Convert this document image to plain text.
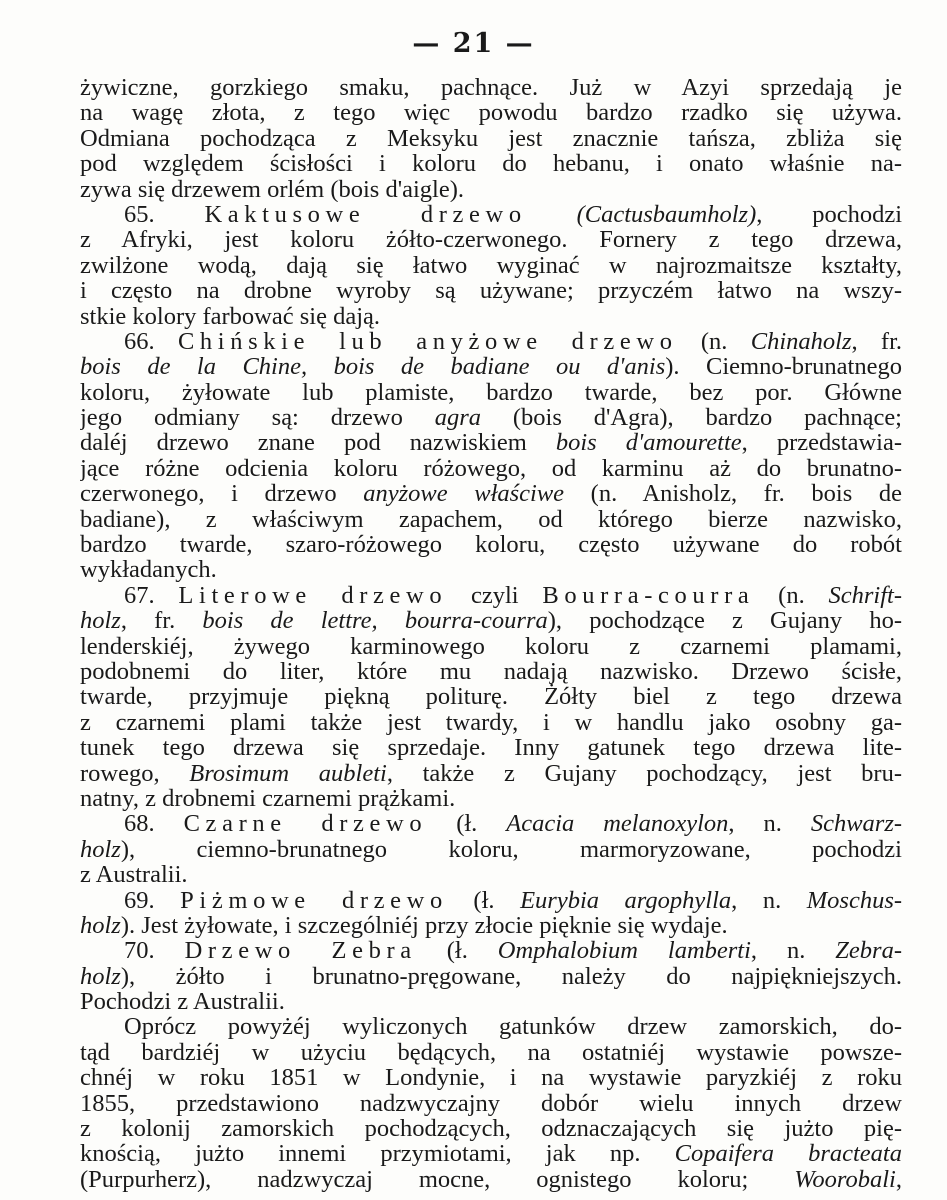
— 21 —
żywiczne, gorzkiego smaku, pachnące. Już w Azyi sprzedają je
na wagę złota, z tego więc powodu bardzo rzadko się używa.
Odmiana pochodząca z Meksyku jest znacznie tańsza, zbliża się
pod względem ścisłości i koloru do hebanu, i onato właśnie na-
zywa się drzewem orlém (bois d'aigle).
65. Kaktusowe drzewo (Cactusbaumholz), pochodzi
z Afryki, jest koloru żółto-czerwonego. Fornery z tego drzewa,
zwilżone wodą, dają się łatwo wyginać w najrozmaitsze kształty,
i często na drobne wyroby są używane; przyczém łatwo na wszy-
stkie kolory farbować się dają.
66. Chińskie lub anyżowe drzewo (n. Chinaholz, fr.
bois de la Chine, bois de badiane ou d'anis). Ciemno-brunatnego
koloru, żyłowate lub plamiste, bardzo twarde, bez por. Główne
jego odmiany są: drzewo agra (bois d'Agra), bardzo pachnące;
daléj drzewo znane pod nazwiskiem bois d'amourette, przedstawia-
jące różne odcienia koloru różowego, od karminu aż do brunatno-
czerwonego, i drzewo anyżowe właściwe (n. Anisholz, fr. bois de
badiane), z właściwym zapachem, od którego bierze nazwisko,
bardzo twarde, szaro-różowego koloru, często używane do robót
wykładanych.
67. Literowe drzewo czyli Bourra-courra (n. Schrift-
holz, fr. bois de lettre, bourra-courra), pochodzące z Gujany ho-
lenderskiéj, żywego karminowego koloru z czarnemi plamami,
podobnemi do liter, które mu nadają nazwisko. Drzewo ścisłe,
twarde, przyjmuje piękną politurę. Żółty biel z tego drzewa
z czarnemi plami także jest twardy, i w handlu jako osobny ga-
tunek tego drzewa się sprzedaje. Inny gatunek tego drzewa lite-
rowego, Brosimum aubleti, także z Gujany pochodzący, jest bru-
natny, z drobnemi czarnemi prążkami.
68. Czarne drzewo (ł. Acacia melanoxylon, n. Schwarz-
holz), ciemno-brunatnego koloru, marmoryzowane, pochodzi
z Australii.
69. Piżmowe drzewo (ł. Eurybia argophylla, n. Moschus-
holz). Jest żyłowate, i szczególniéj przy złocie pięknie się wydaje.
70. Drzewo Zebra (ł. Omphalobium lamberti, n. Zebra-
holz), żółto i brunatno-pręgowane, należy do najpiękniejszych.
Pochodzi z Australii.
Oprócz powyżéj wyliczonych gatunków drzew zamorskich, do-
tąd bardziéj w użyciu będących, na ostatniéj wystawie powsze-
chnéj w roku 1851 w Londynie, i na wystawie paryzkiéj z roku
1855, przedstawiono nadzwyczajny dobór wielu innych drzew
z kolonij zamorskich pochodzących, odznaczających się jużto pię-
knością, jużto innemi przymiotami, jak np. Copaifera bracteata
(Purpurherz), nadzwyczaj mocne, ognistego koloru; Woorobali,
